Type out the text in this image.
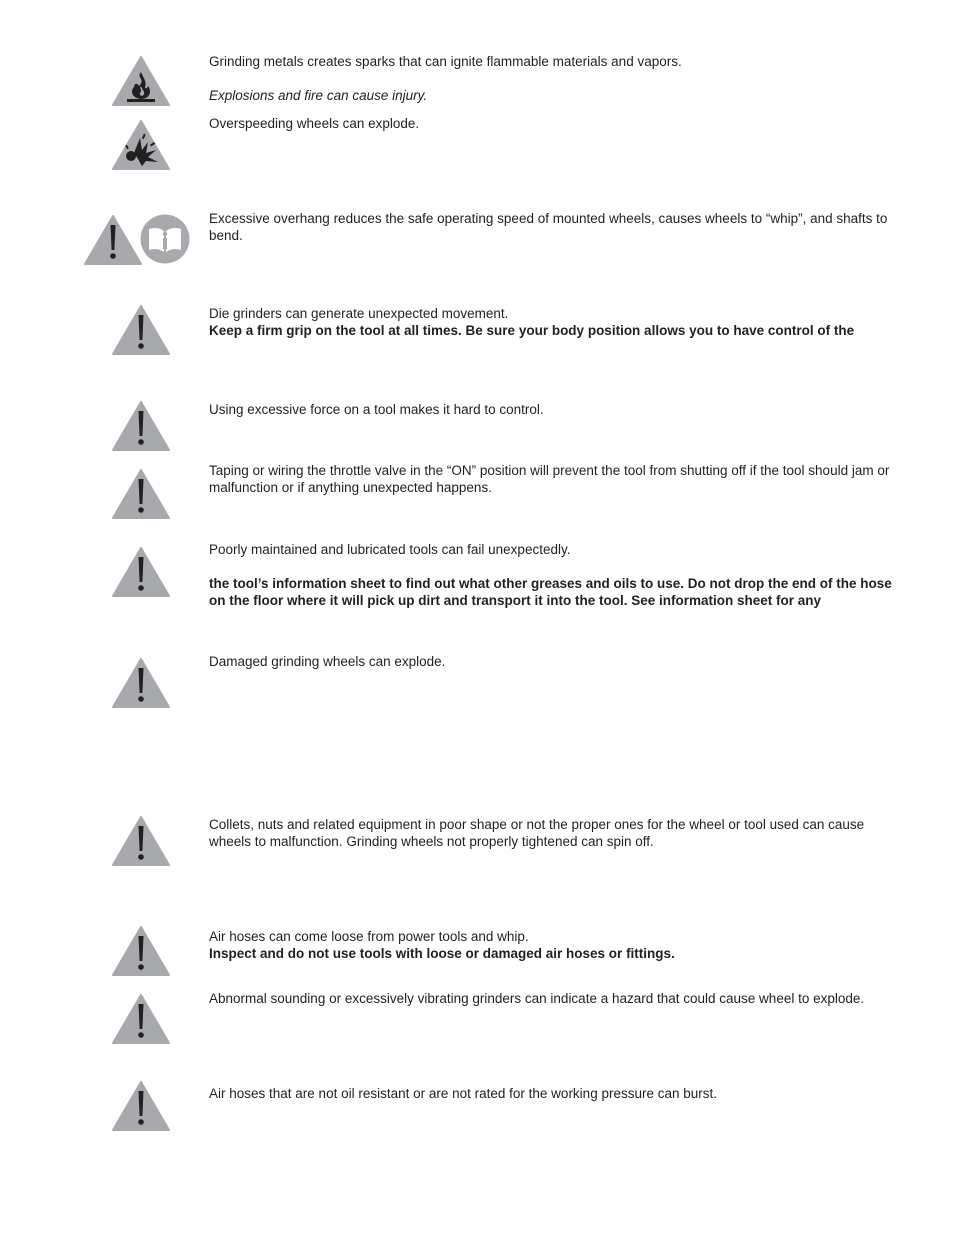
Grinding metals creates sparks that can ignite flammable materials and vapors.

Explosions and fire can cause injury.

Overspeeding wheels can explode.

Excessive overhang reduces the safe operating speed of mounted wheels, causes wheels to “whip”, and shafts to bend.

Die grinders can generate unexpected movement.

Keep a firm grip on the tool at all times. Be sure your body position allows you to have control of the

Using excessive force on a tool makes it hard to control.

Taping or wiring the throttle valve in the “ON” position will prevent the tool from shutting off if the tool should jam or malfunction or if anything unexpected happens.

Poorly maintained and lubricated tools can fail unexpectedly.

the tool’s information sheet to find out what other greases and oils to use. Do not drop the end of the hose on the floor where it will pick up dirt and transport it into the tool. See information sheet for any

Damaged grinding wheels can explode.

Collets, nuts and related equipment in poor shape or not the proper ones for the wheel or tool used can cause wheels to malfunction. Grinding wheels not properly tightened can spin off.

Air hoses can come loose from power tools and whip.

Inspect and do not use tools with loose or damaged air hoses or fittings.

Abnormal sounding or excessively vibrating grinders can indicate a hazard that could cause wheel to explode.

Air hoses that are not oil resistant or are not rated for the working pressure can burst.
